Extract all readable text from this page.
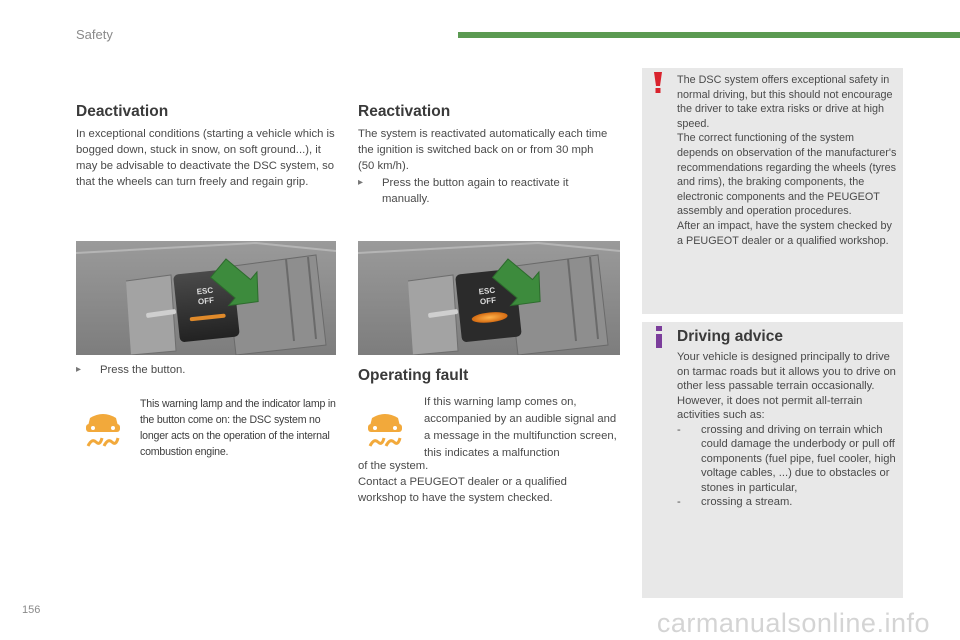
Safety
Deactivation
In exceptional conditions (starting a vehicle which is bogged down, stuck in snow, on soft ground...), it may be advisable to deactivate the DSC system, so that the wheels can turn freely and regain grip.
ESC
OFF
▸	Press the button.
This warning lamp and the indicator lamp in the button come on: the DSC system no longer acts on the operation of the internal combustion engine.
Reactivation
The system is reactivated automatically each time the ignition is switched back on or from 30 mph (50 km/h).
▸	Press the button again to reactivate it manually.
ESC
OFF
Operating fault
If this warning lamp comes on, accompanied by an audible signal and a message in the multifunction screen, this indicates a malfunction
of the system.
Contact a PEUGEOT dealer or a qualified workshop to have the system checked.
The DSC system offers exceptional safety in normal driving, but this should not encourage the driver to take extra risks or drive at high speed.
The correct functioning of the system depends on observation of the manufacturer's recommendations regarding the wheels (tyres and rims), the braking components, the electronic components and the PEUGEOT assembly and operation procedures.
After an impact, have the system checked by a PEUGEOT dealer or a qualified workshop.
Driving advice
Your vehicle is designed principally to drive on tarmac roads but it allows you to drive on other less passable terrain occasionally.
However, it does not permit all-terrain activities such as:
-	crossing and driving on terrain which could damage the underbody or pull off components (fuel pipe, fuel cooler, high voltage cables, ...) due to obstacles or stones in particular,
-	crossing a stream.
156	carmanualsonline.info
